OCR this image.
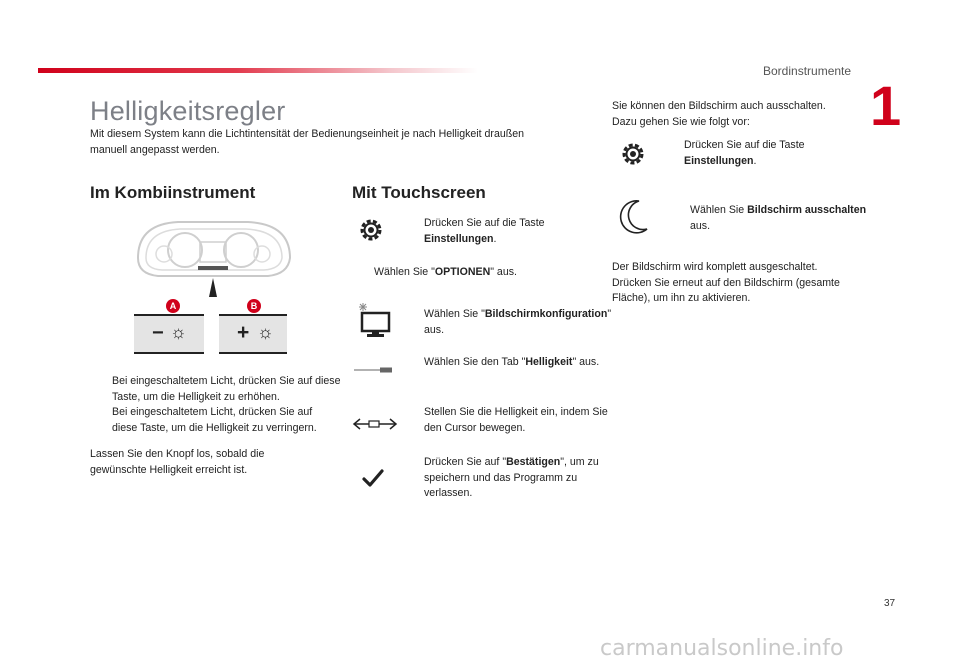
Bordinstrumente
1
Helligkeitsregler
Mit diesem System kann die Lichtintensität der Bedienungseinheit je nach Helligkeit draußen manuell angepasst werden.
Im Kombiinstrument
− ☼ + ☼
A	B
Bei eingeschaltetem Licht, drücken Sie auf diese Taste, um die Helligkeit zu erhöhen.
Bei eingeschaltetem Licht, drücken Sie auf diese Taste, um die Helligkeit zu verringern.
Lassen Sie den Knopf los, sobald die gewünschte Helligkeit erreicht ist.
Mit Touchscreen
Drücken Sie auf die Taste Einstellungen.
Wählen Sie "OPTIONEN" aus.
Wählen Sie "Bildschirmkonfiguration" aus.
Wählen Sie den Tab "Helligkeit" aus.
Stellen Sie die Helligkeit ein, indem Sie den Cursor bewegen.
Drücken Sie auf "Bestätigen", um zu speichern und das Programm zu verlassen.
Sie können den Bildschirm auch ausschalten. Dazu gehen Sie wie folgt vor:
Drücken Sie auf die Taste Einstellungen.
Wählen Sie Bildschirm ausschalten aus.
Der Bildschirm wird komplett ausgeschaltet. Drücken Sie erneut auf den Bildschirm (gesamte Fläche), um ihn zu aktivieren.
37
carmanualsonline.info
